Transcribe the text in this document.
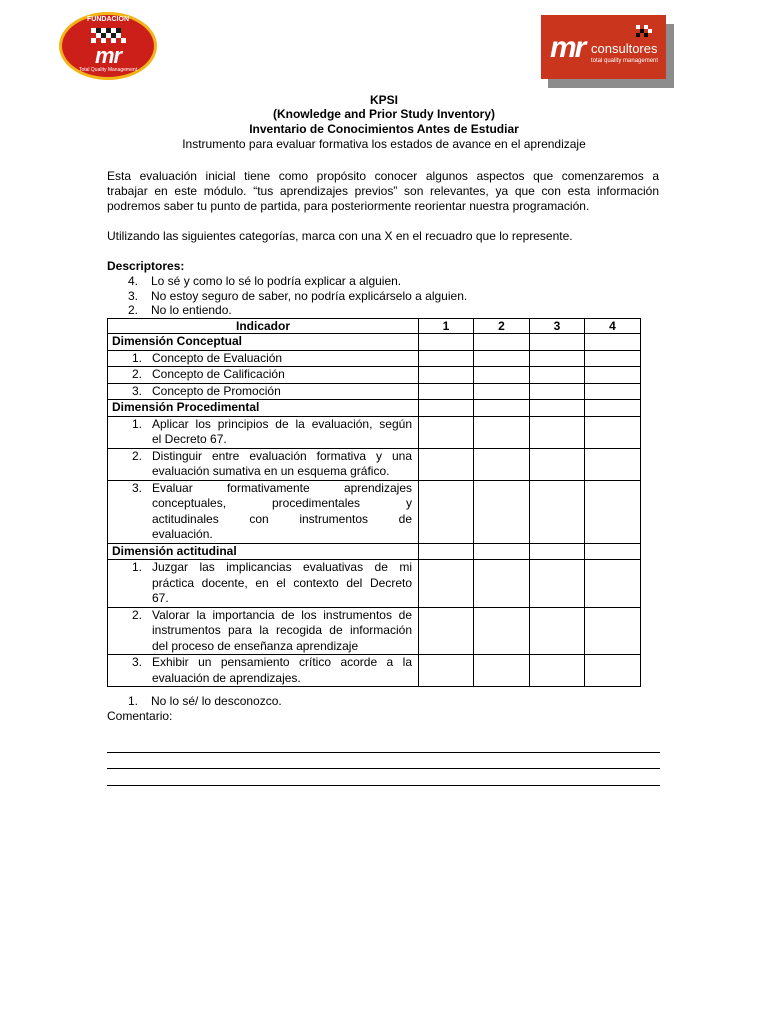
FUNDACION
mr
Total Quality Management
mr consultores
total quality management
KPSI
(Knowledge and Prior Study Inventory)
Inventario de Conocimientos Antes de Estudiar
Instrumento para evaluar formativa los estados de avance en el aprendizaje
Esta evaluación inicial tiene como propósito conocer algunos aspectos que comenzaremos a
trabajar en este módulo. “tus aprendizajes previos” son relevantes, ya que con esta información
podremos saber tu punto de partida, para posteriormente reorientar nuestra programación.
Utilizando las siguientes categorías, marca con una X en el recuadro que lo represente.
Descriptores:
4. Lo sé y como lo sé lo podría explicar a alguien.
3. No estoy seguro de saber, no podría explicárselo a alguien.
2. No lo entiendo.
Indicador	1	2	3	4
Dimensión Conceptual				

1. Concepto de Evaluación				

2. Concepto de Calificación				

3. Concepto de Promoción				

Dimensión Procedimental				

1. Aplicar los principios de la evaluación, según
el Decreto 67.				

2. Distinguir entre evaluación formativa y una
evaluación sumativa en un esquema gráfico.				

3. Evaluar formativamente aprendizajes
conceptuales, procedimentales y
actitudinales con instrumentos de
evaluación.				

Dimensión actitudinal				

1. Juzgar las implicancias evaluativas de mi
práctica docente, en el contexto del Decreto
67.				

2. Valorar la importancia de los instrumentos de
instrumentos para la recogida de información
del proceso de enseñanza aprendizaje				

3. Exhibir un pensamiento crítico acorde a la
evaluación de aprendizajes.				

1. No lo sé/ lo desconozco.
Comentario:
